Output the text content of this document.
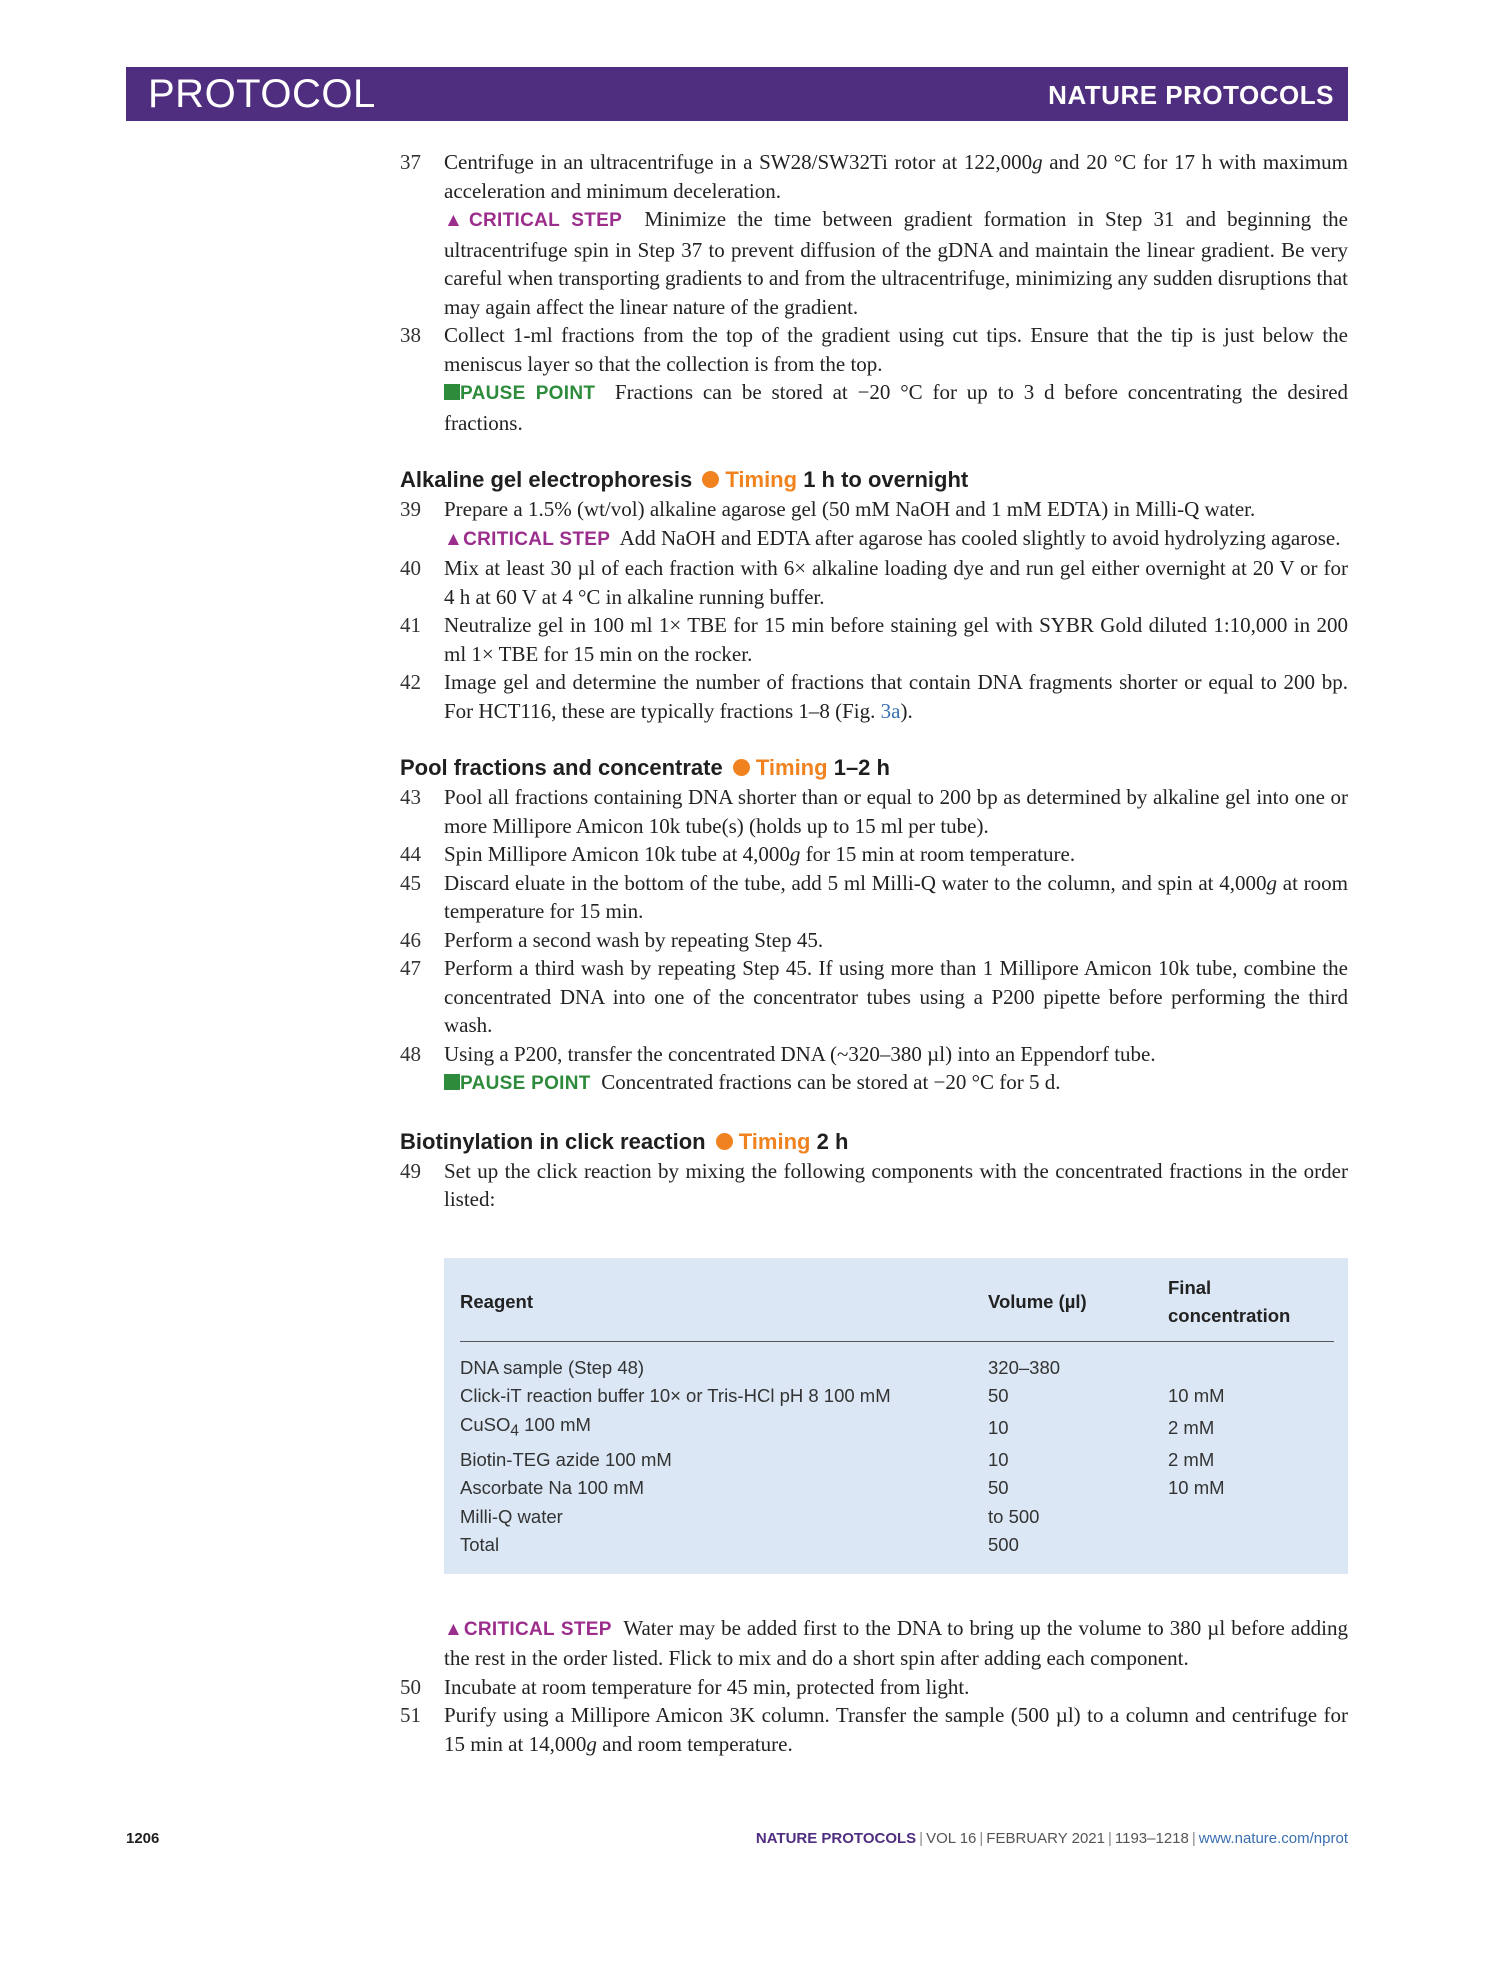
PROTOCOL	NATURE PROTOCOLS
37	Centrifuge in an ultracentrifuge in a SW28/SW32Ti rotor at 122,000g and 20 °C for 17 h with maximum acceleration and minimum deceleration.
▲CRITICAL STEP Minimize the time between gradient formation in Step 31 and beginning the ultracentrifuge spin in Step 37 to prevent diffusion of the gDNA and maintain the linear gradient. Be very careful when transporting gradients to and from the ultracentrifuge, minimizing any sudden disruptions that may again affect the linear nature of the gradient.
38	Collect 1-ml fractions from the top of the gradient using cut tips. Ensure that the tip is just below the meniscus layer so that the collection is from the top.
PAUSE POINT Fractions can be stored at −20 °C for up to 3 d before concentrating the desired fractions.
Alkaline gel electrophoresis Timing 1 h to overnight
39	Prepare a 1.5% (wt/vol) alkaline agarose gel (50 mM NaOH and 1 mM EDTA) in Milli-Q water.
▲CRITICAL STEP Add NaOH and EDTA after agarose has cooled slightly to avoid hydrolyzing agarose.
40	Mix at least 30 µl of each fraction with 6× alkaline loading dye and run gel either overnight at 20 V or for 4 h at 60 V at 4 °C in alkaline running buffer.
41	Neutralize gel in 100 ml 1× TBE for 15 min before staining gel with SYBR Gold diluted 1:10,000 in 200 ml 1× TBE for 15 min on the rocker.
42	Image gel and determine the number of fractions that contain DNA fragments shorter or equal to 200 bp. For HCT116, these are typically fractions 1–8 (Fig. 3a).
Pool fractions and concentrate Timing 1–2 h
43	Pool all fractions containing DNA shorter than or equal to 200 bp as determined by alkaline gel into one or more Millipore Amicon 10k tube(s) (holds up to 15 ml per tube).
44	Spin Millipore Amicon 10k tube at 4,000g for 15 min at room temperature.
45	Discard eluate in the bottom of the tube, add 5 ml Milli-Q water to the column, and spin at 4,000g at room temperature for 15 min.
46	Perform a second wash by repeating Step 45.
47	Perform a third wash by repeating Step 45. If using more than 1 Millipore Amicon 10k tube, combine the concentrated DNA into one of the concentrator tubes using a P200 pipette before performing the third wash.
48	Using a P200, transfer the concentrated DNA (~320–380 µl) into an Eppendorf tube.
PAUSE POINT Concentrated fractions can be stored at −20 °C for 5 d.
Biotinylation in click reaction Timing 2 h
49	Set up the click reaction by mixing the following components with the concentrated fractions in the order listed:
Reagent	Volume (µl)	Final concentration
DNA sample (Step 48)	320–380	
Click-iT reaction buffer 10× or Tris-HCl pH 8 100 mM	50	10 mM
CuSO$_4$ 100 mM	10	2 mM
Biotin-TEG azide 100 mM	10	2 mM
Ascorbate Na 100 mM	50	10 mM
Milli-Q water	to 500	
Total	500	
▲CRITICAL STEP Water may be added first to the DNA to bring up the volume to 380 µl before adding the rest in the order listed. Flick to mix and do a short spin after adding each component.
50	Incubate at room temperature for 45 min, protected from light.
51	Purify using a Millipore Amicon 3K column. Transfer the sample (500 µl) to a column and centrifuge for 15 min at 14,000g and room temperature.
1206	NATURE PROTOCOLS | VOL 16 | FEBRUARY 2021 | 1193–1218 | www.nature.com/nprot
